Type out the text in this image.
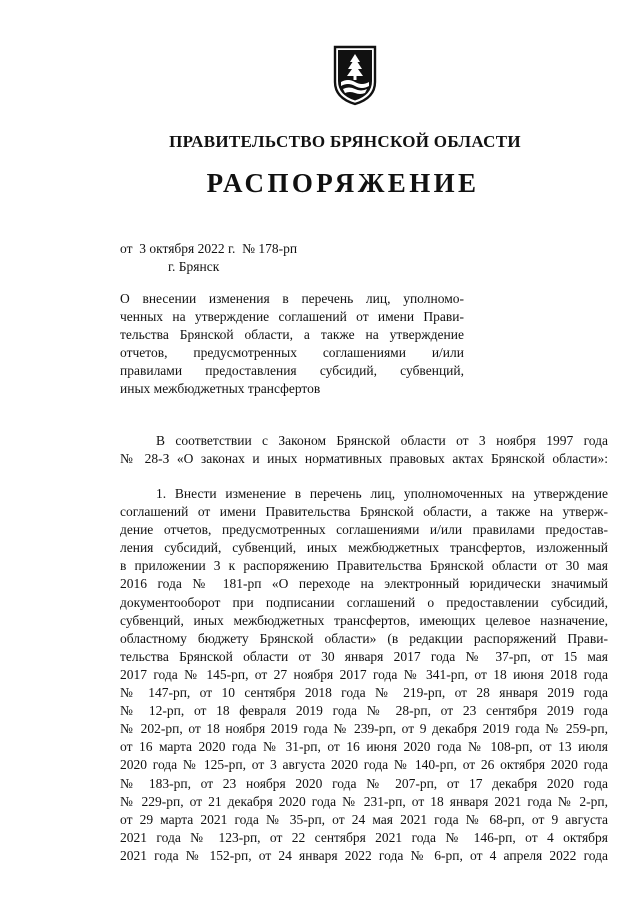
ПРАВИТЕЛЬСТВО БРЯНСКОЙ ОБЛАСТИ
РАСПОРЯЖЕНИЕ
от  3 октября 2022 г.  № 178-рп
г. Брянск
О внесении изменения в перечень лиц, уполномо-
ченных на утверждение соглашений от имени Прави-
тельства Брянской области, а также на утверждение
отчетов, предусмотренных соглашениями и/или
правилами предоставления субсидий, субвенций,
иных межбюджетных трансфертов
В соответствии с Законом Брянской области от 3 ноября 1997 года
№ 28-З «О законах и иных нормативных правовых актах Брянской области»:
1. Внести изменение в перечень лиц, уполномоченных на утверждение
соглашений от имени Правительства Брянской области, а также на утверж-
дение отчетов, предусмотренных соглашениями и/или правилами предостав-
ления субсидий, субвенций, иных межбюджетных трансфертов, изложенный
в приложении 3 к распоряжению Правительства Брянской области от 30 мая
2016 года № 181-рп «О переходе на электронный юридически значимый
документооборот при подписании соглашений о предоставлении субсидий,
субвенций, иных межбюджетных трансфертов, имеющих целевое назначение,
областному бюджету Брянской области» (в редакции распоряжений Прави-
тельства Брянской области от 30 января 2017 года № 37-рп, от 15 мая
2017 года № 145-рп, от 27 ноября 2017 года № 341-рп, от 18 июня 2018 года
№ 147-рп, от 10 сентября 2018 года № 219-рп, от 28 января 2019 года
№ 12-рп, от 18 февраля 2019 года № 28-рп, от 23 сентября 2019 года
№ 202-рп, от 18 ноября 2019 года № 239-рп, от 9 декабря 2019 года № 259-рп,
от 16 марта 2020 года № 31-рп, от 16 июня 2020 года № 108-рп, от 13 июля
2020 года № 125-рп, от 3 августа 2020 года № 140-рп, от 26 октября 2020 года
№ 183-рп, от 23 ноября 2020 года № 207-рп, от 17 декабря 2020 года
№ 229-рп, от 21 декабря 2020 года № 231-рп, от 18 января 2021 года № 2-рп,
от 29 марта 2021 года № 35-рп, от 24 мая 2021 года № 68-рп, от 9 августа
2021 года № 123-рп, от 22 сентября 2021 года № 146-рп, от 4 октября
2021 года № 152-рп, от 24 января 2022 года № 6-рп, от 4 апреля 2022 года
